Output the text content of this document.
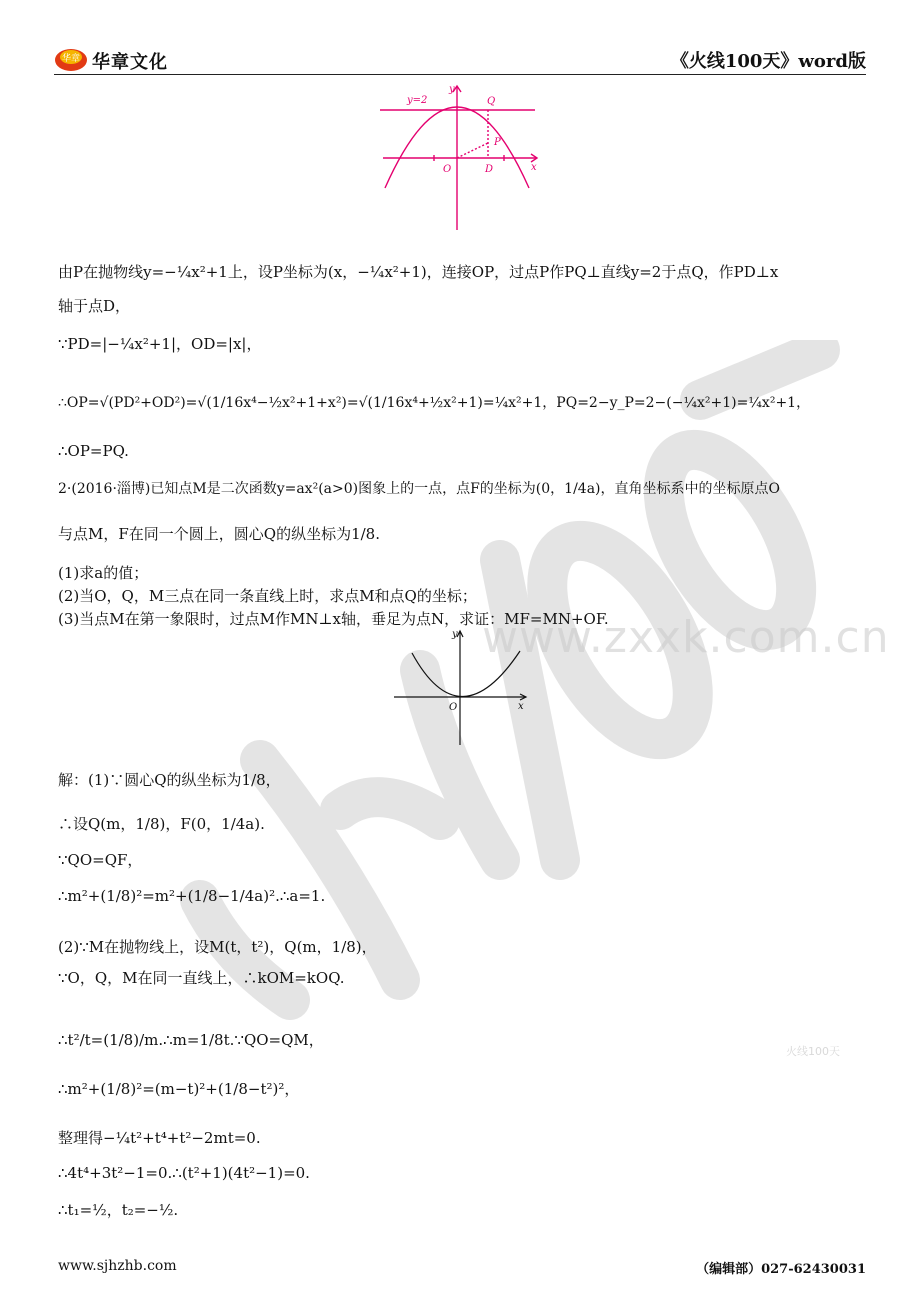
华章 华章文化	《火线100天》word版
火线100天
www.zxxk.com.cn
y=2
y
x
Q
P
O	D
由P在抛物线y=−¼x²+1上，设P坐标为(x，−¼x²+1)，连接OP，过点P作PQ⊥直线y=2于点Q，作PD⊥x
轴于点D，
∵PD=|−¼x²+1|，OD=|x|，
∴OP=√(PD²+OD²)=√(1/16x⁴−½x²+1+x²)=√(1/16x⁴+½x²+1)=¼x²+1，PQ=2−y_P=2−(−¼x²+1)=¼x²+1，
∴OP=PQ.
2·(2016·淄博)已知点M是二次函数y=ax²(a>0)图象上的一点，点F的坐标为(0，1/4a)，直角坐标系中的坐标原点O
与点M，F在同一个圆上，圆心Q的纵坐标为1/8.
(1)求a的值；
(2)当O，Q，M三点在同一条直线上时，求点M和点Q的坐标；
(3)当点M在第一象限时，过点M作MN⊥x轴，垂足为点N，求证：MF=MN+OF.
y
x
O
解：(1)∵圆心Q的纵坐标为1/8，
∴设Q(m，1/8)，F(0，1/4a).
∵QO=QF，
∴m²+(1/8)²=m²+(1/8−1/4a)².∴a=1.
(2)∵M在抛物线上，设M(t，t²)，Q(m，1/8)，
∵O，Q，M在同一直线上，∴kOM=kOQ.
∴t²/t=(1/8)/m.∴m=1/8t.∵QO=QM，
∴m²+(1/8)²=(m−t)²+(1/8−t²)²，
整理得−¼t²+t⁴+t²−2mt=0.
∴4t⁴+3t²−1=0.∴(t²+1)(4t²−1)=0.
∴t₁=½，t₂=−½.
www.sjhzhb.com	（编辑部）027-62430031
